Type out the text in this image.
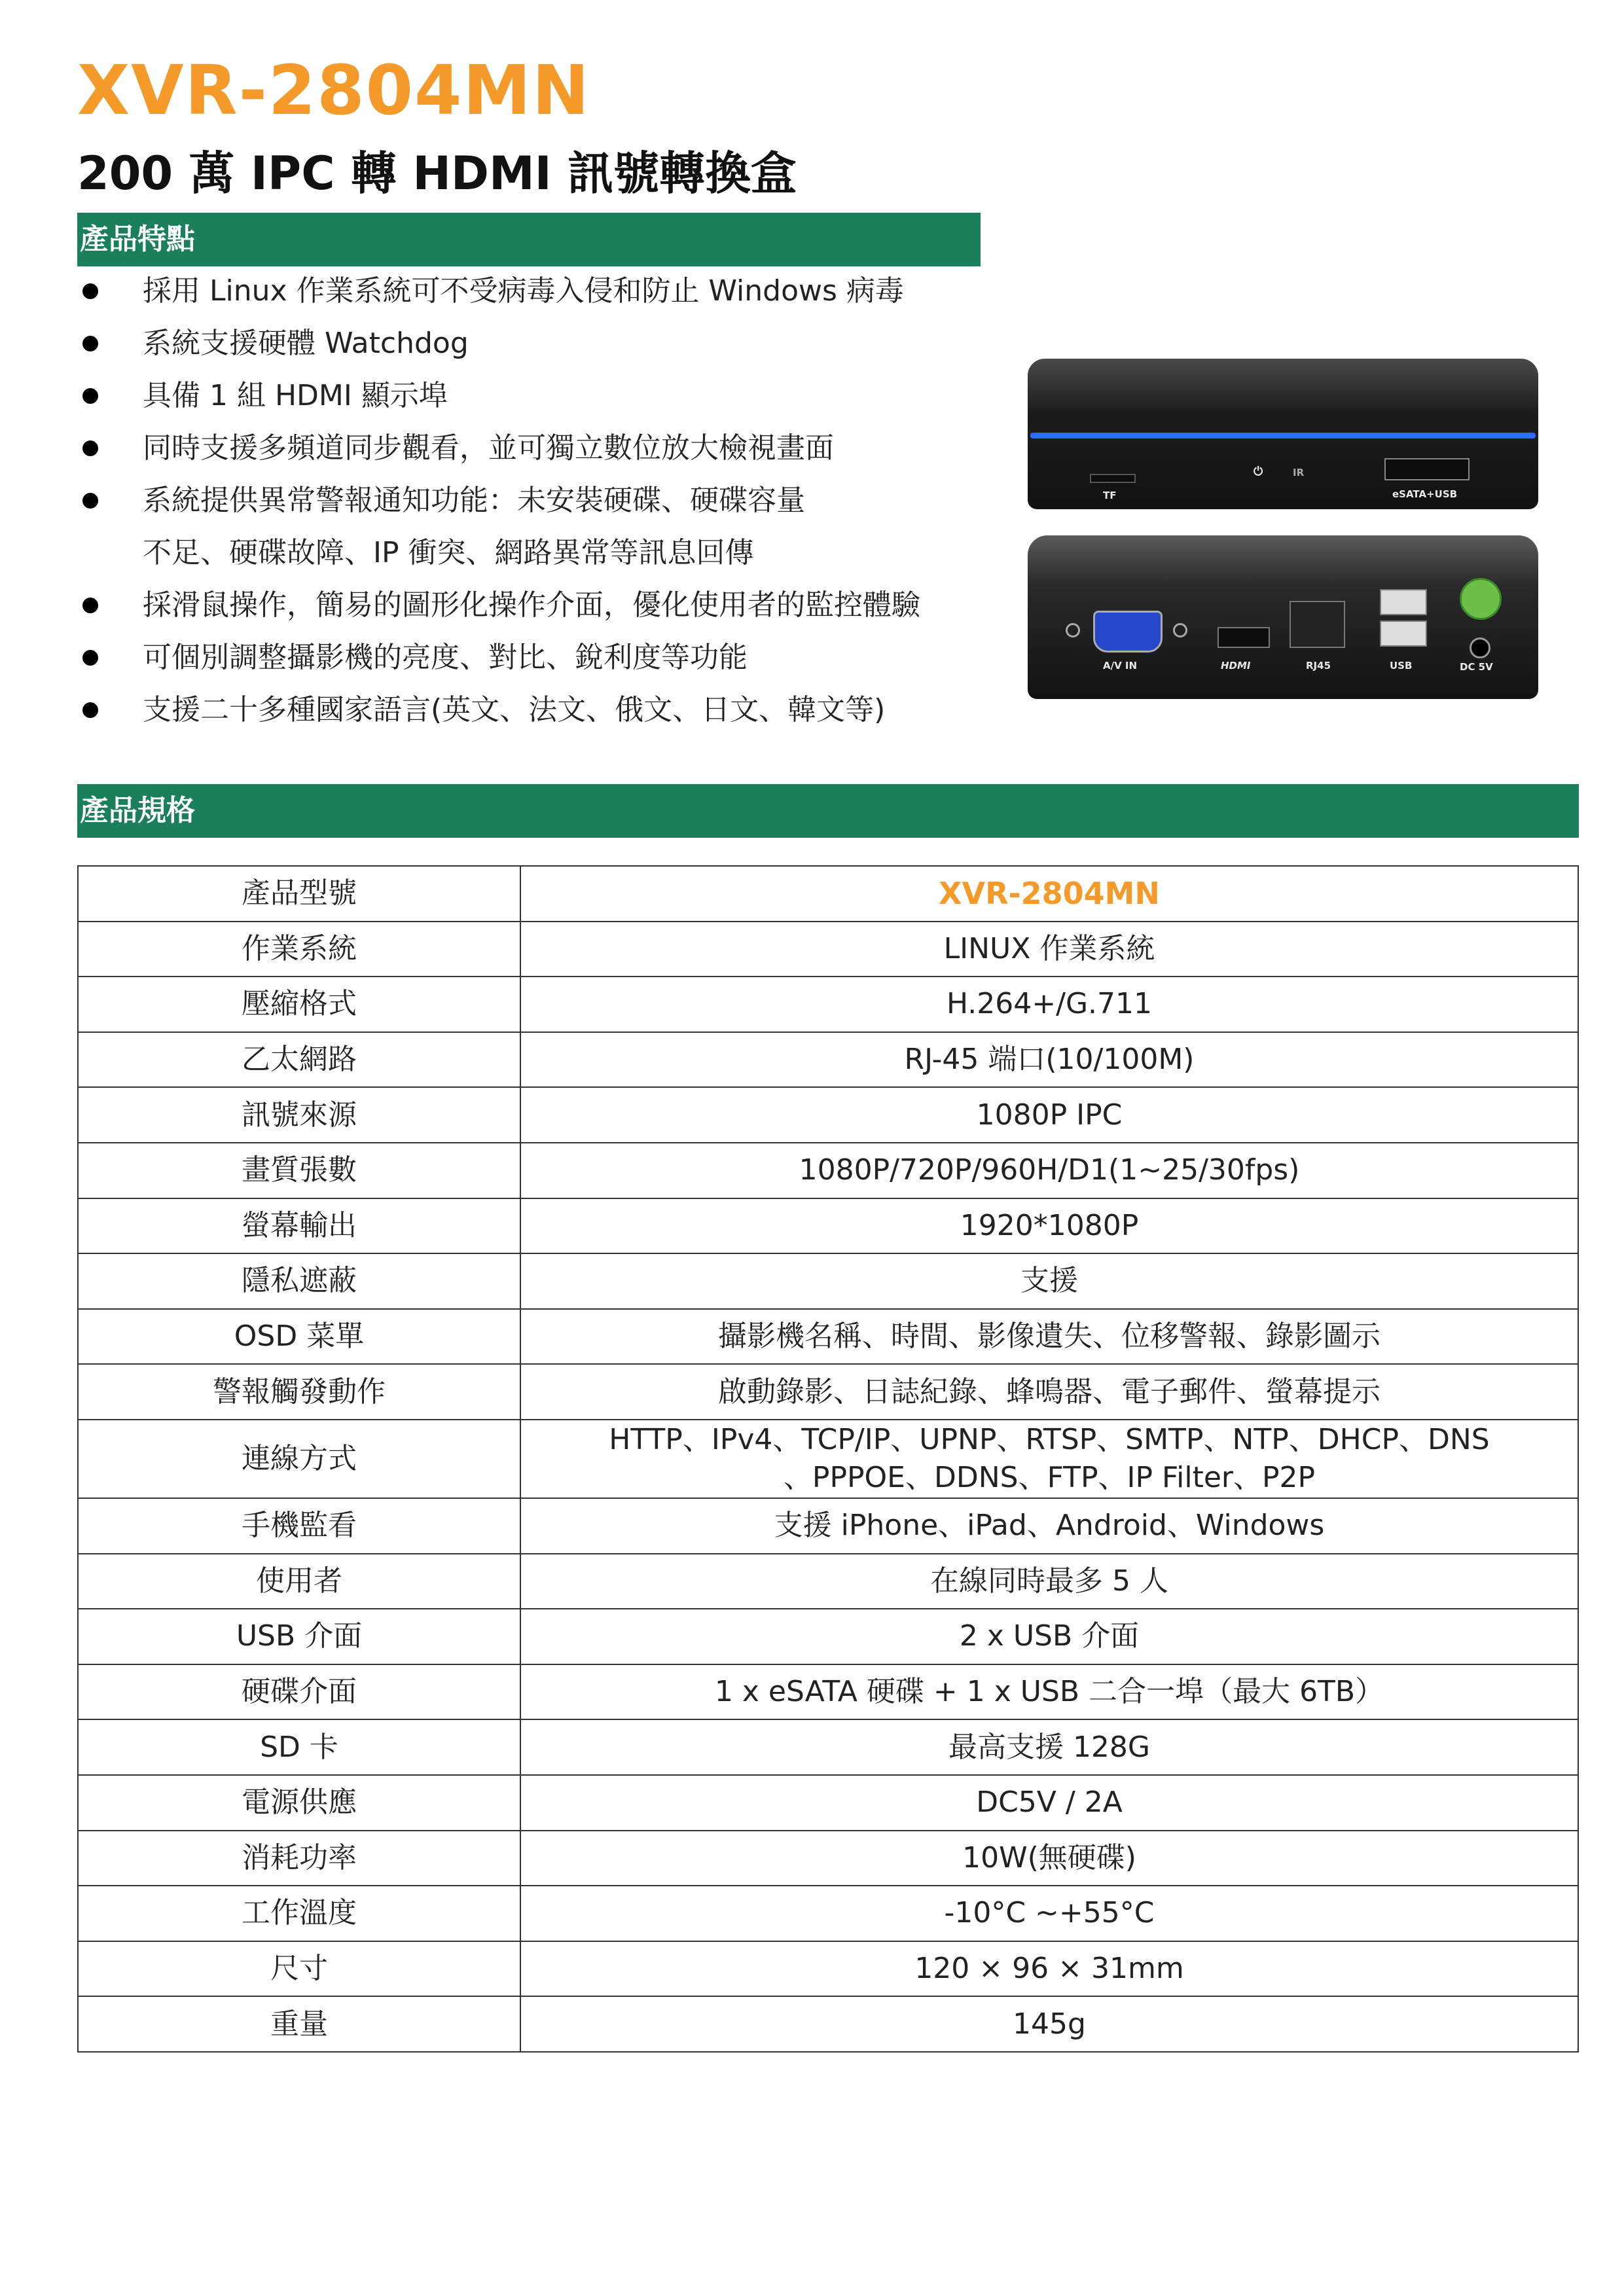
XVR-2804MN
200 萬 IPC 轉 HDMI 訊號轉換盒
產品特點
採用 Linux 作業系統可不受病毒入侵和防止 Windows 病毒
系統支援硬體 Watchdog
具備 1 組 HDMI 顯示埠
同時支援多頻道同步觀看，並可獨立數位放大檢視畫面
系統提供異常警報通知功能：未安裝硬碟、硬碟容量
不足、硬碟故障、IP 衝突、網路異常等訊息回傳
採滑鼠操作，簡易的圖形化操作介面，優化使用者的監控體驗
可個別調整攝影機的亮度、對比、銳利度等功能
支援二十多種國家語言(英文、法文、俄文、日文、韓文等)
TF
⏻	IR
eSATA+USB
A/V IN	HDMI	RJ45	USB	DC 5V
產品規格
產品型號	XVR-2804MN
作業系統	LINUX 作業系統
壓縮格式	H.264+/G.711
乙太網路	RJ-45 端口(10/100M)
訊號來源	1080P IPC
畫質張數	1080P/720P/960H/D1(1~25/30fps)
螢幕輸出	1920*1080P
隱私遮蔽	支援
OSD 菜單	攝影機名稱、時間、影像遺失、位移警報、錄影圖示
警報觸發動作	啟動錄影、日誌紀錄、蜂鳴器、電子郵件、螢幕提示
連線方式	HTTP、IPv4、TCP/IP、UPNP、RTSP、SMTP、NTP、DHCP、DNS
、PPPOE、DDNS、FTP、IP Filter、P2P

手機監看	支援 iPhone、iPad、Android、Windows
使用者	在線同時最多 5 人
USB 介面	2 x USB 介面
硬碟介面	1 x eSATA 硬碟 + 1 x USB 二合一埠（最大 6TB）
SD 卡	最高支援 128G
電源供應	DC5V / 2A
消耗功率	10W(無硬碟)
工作溫度	-10°C ~+55°C
尺寸	120 × 96 × 31mm
重量	145g
